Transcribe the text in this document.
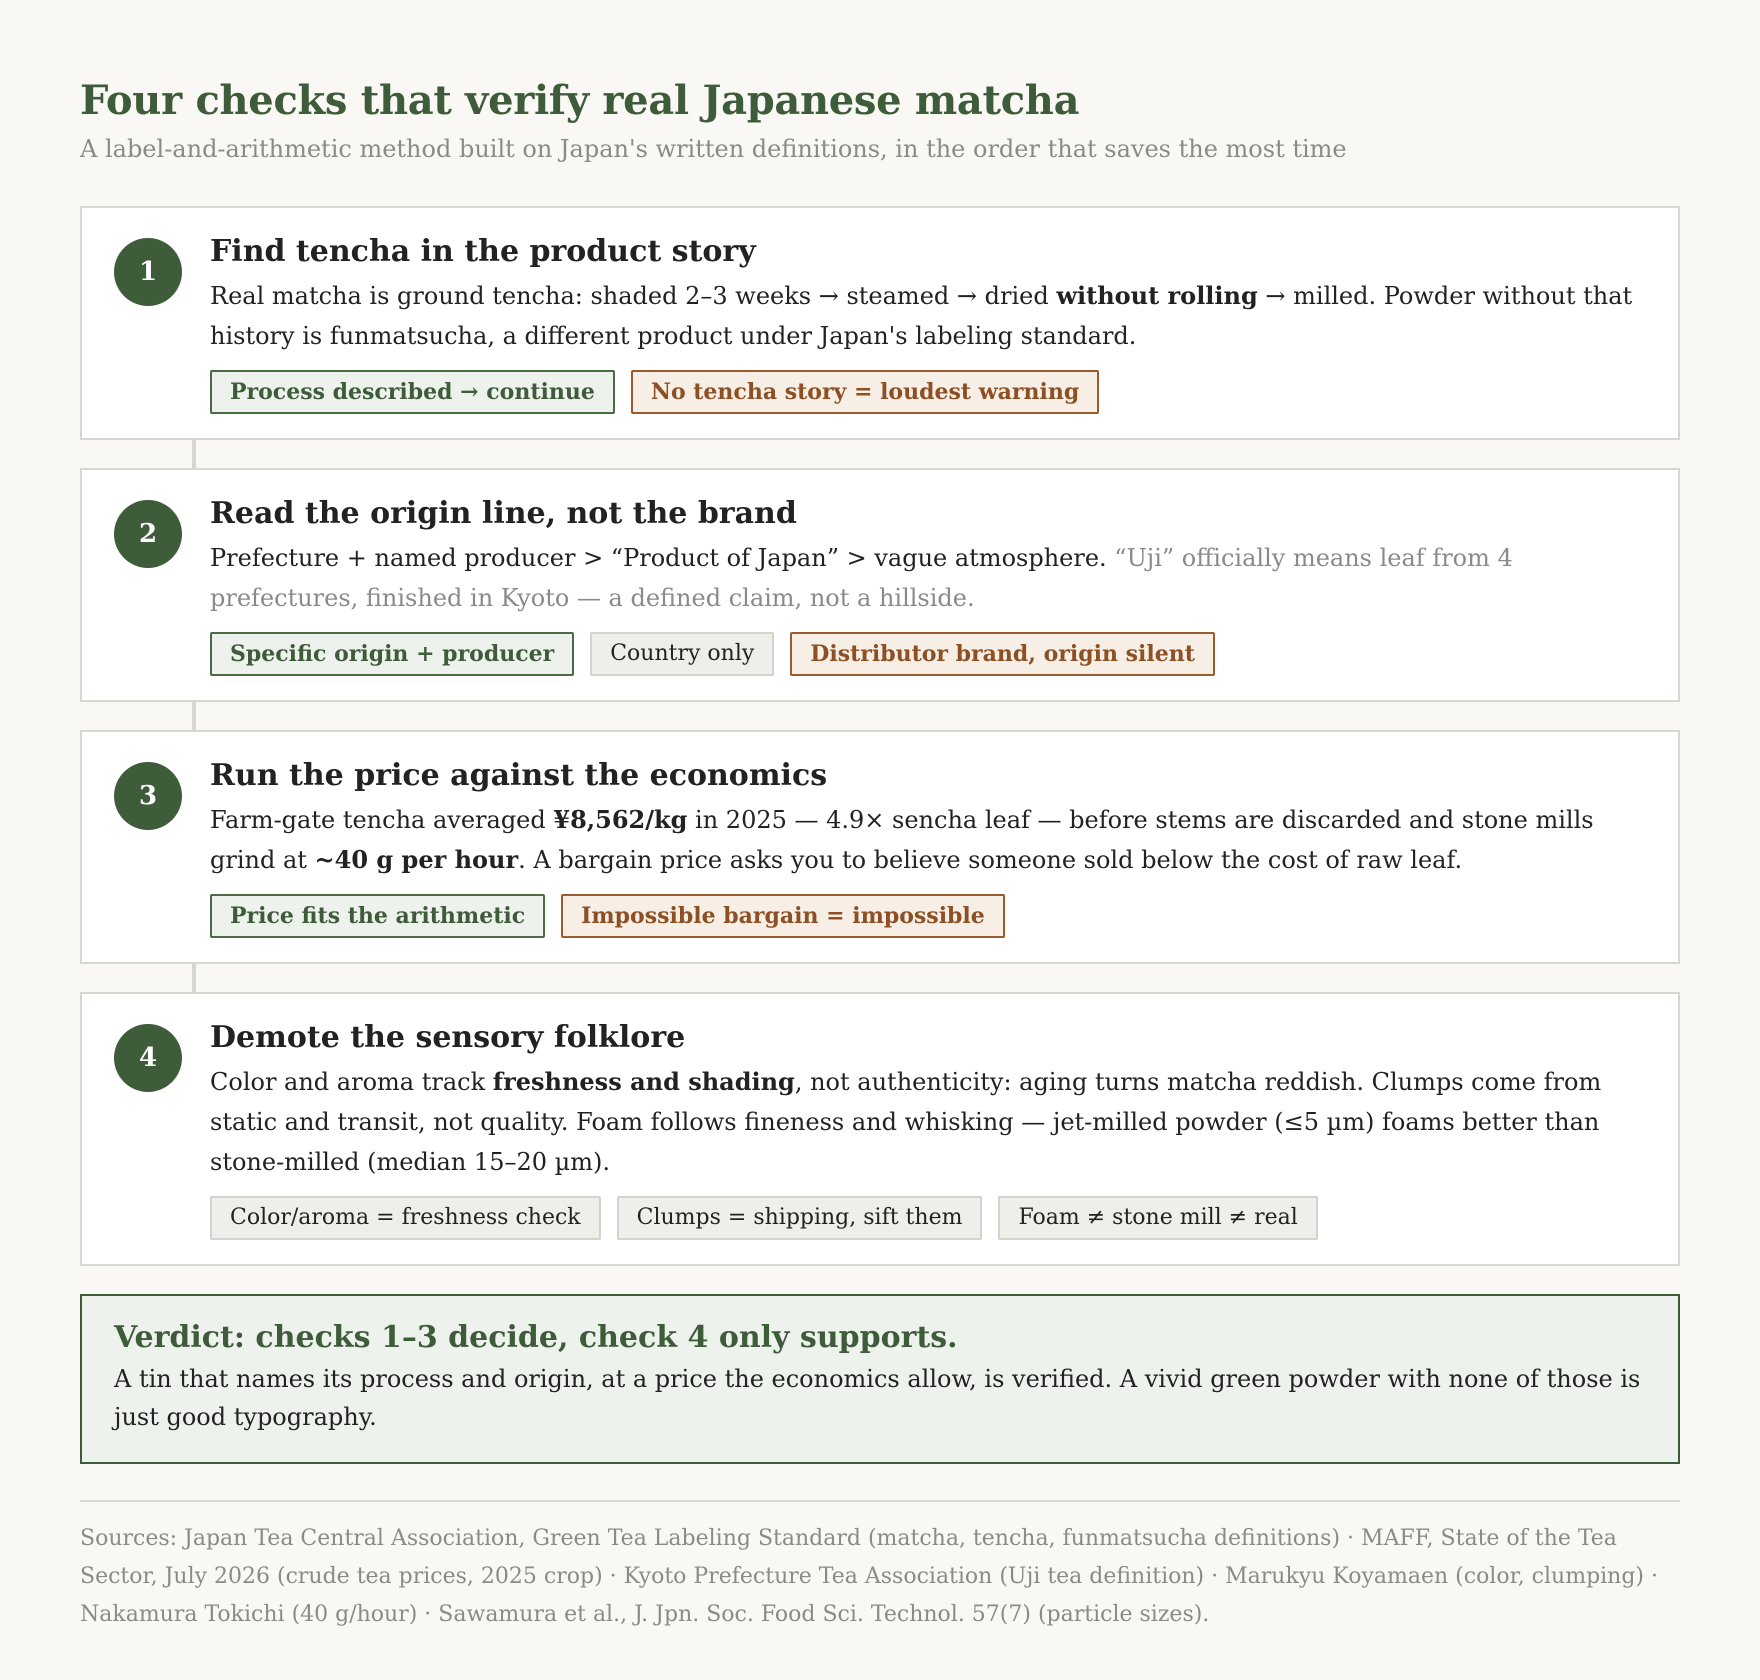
Four checks that verify real Japanese matcha
A label-and-arithmetic method built on Japan's written definitions, in the order that saves the most time
1
Find tencha in the product story

Real matcha is ground tencha: shaded 2–3 weeks → steamed → dried without rolling → milled. Powder without that history is funmatsucha, a different product under Japan's labeling standard.

Process described → continue	No tencha story = loudest warning
2
Read the origin line, not the brand

Prefecture + named producer > “Product of Japan” > vague atmosphere. “Uji” officially means leaf from 4 prefectures, finished in Kyoto — a defined claim, not a hillside.

Specific origin + producer	Country only	Distributor brand, origin silent
3
Run the price against the economics

Farm-gate tencha averaged ¥8,562/kg in 2025 — 4.9× sencha leaf — before stems are discarded and stone mills grind at ~40 g per hour. A bargain price asks you to believe someone sold below the cost of raw leaf.

Price fits the arithmetic	Impossible bargain = impossible
4
Demote the sensory folklore

Color and aroma track freshness and shading, not authenticity: aging turns matcha reddish. Clumps come from static and transit, not quality. Foam follows fineness and whisking — jet-milled powder (≤5 µm) foams better than stone-milled (median 15–20 µm).

Color/aroma = freshness check	Clumps = shipping, sift them	Foam ≠ stone mill ≠ real
Verdict: checks 1–3 decide, check 4 only supports.

A tin that names its process and origin, at a price the economics allow, is verified. A vivid green powder with none of those is just good typography.

Sources: Japan Tea Central Association, Green Tea Labeling Standard (matcha, tencha, funmatsucha definitions) · MAFF, State of the Tea Sector, July 2026 (crude tea prices, 2025 crop) · Kyoto Prefecture Tea Association (Uji tea definition) · Marukyu Koyamaen (color, clumping) · Nakamura Tokichi (40 g/hour) · Sawamura et al., J. Jpn. Soc. Food Sci. Technol. 57(7) (particle sizes).
